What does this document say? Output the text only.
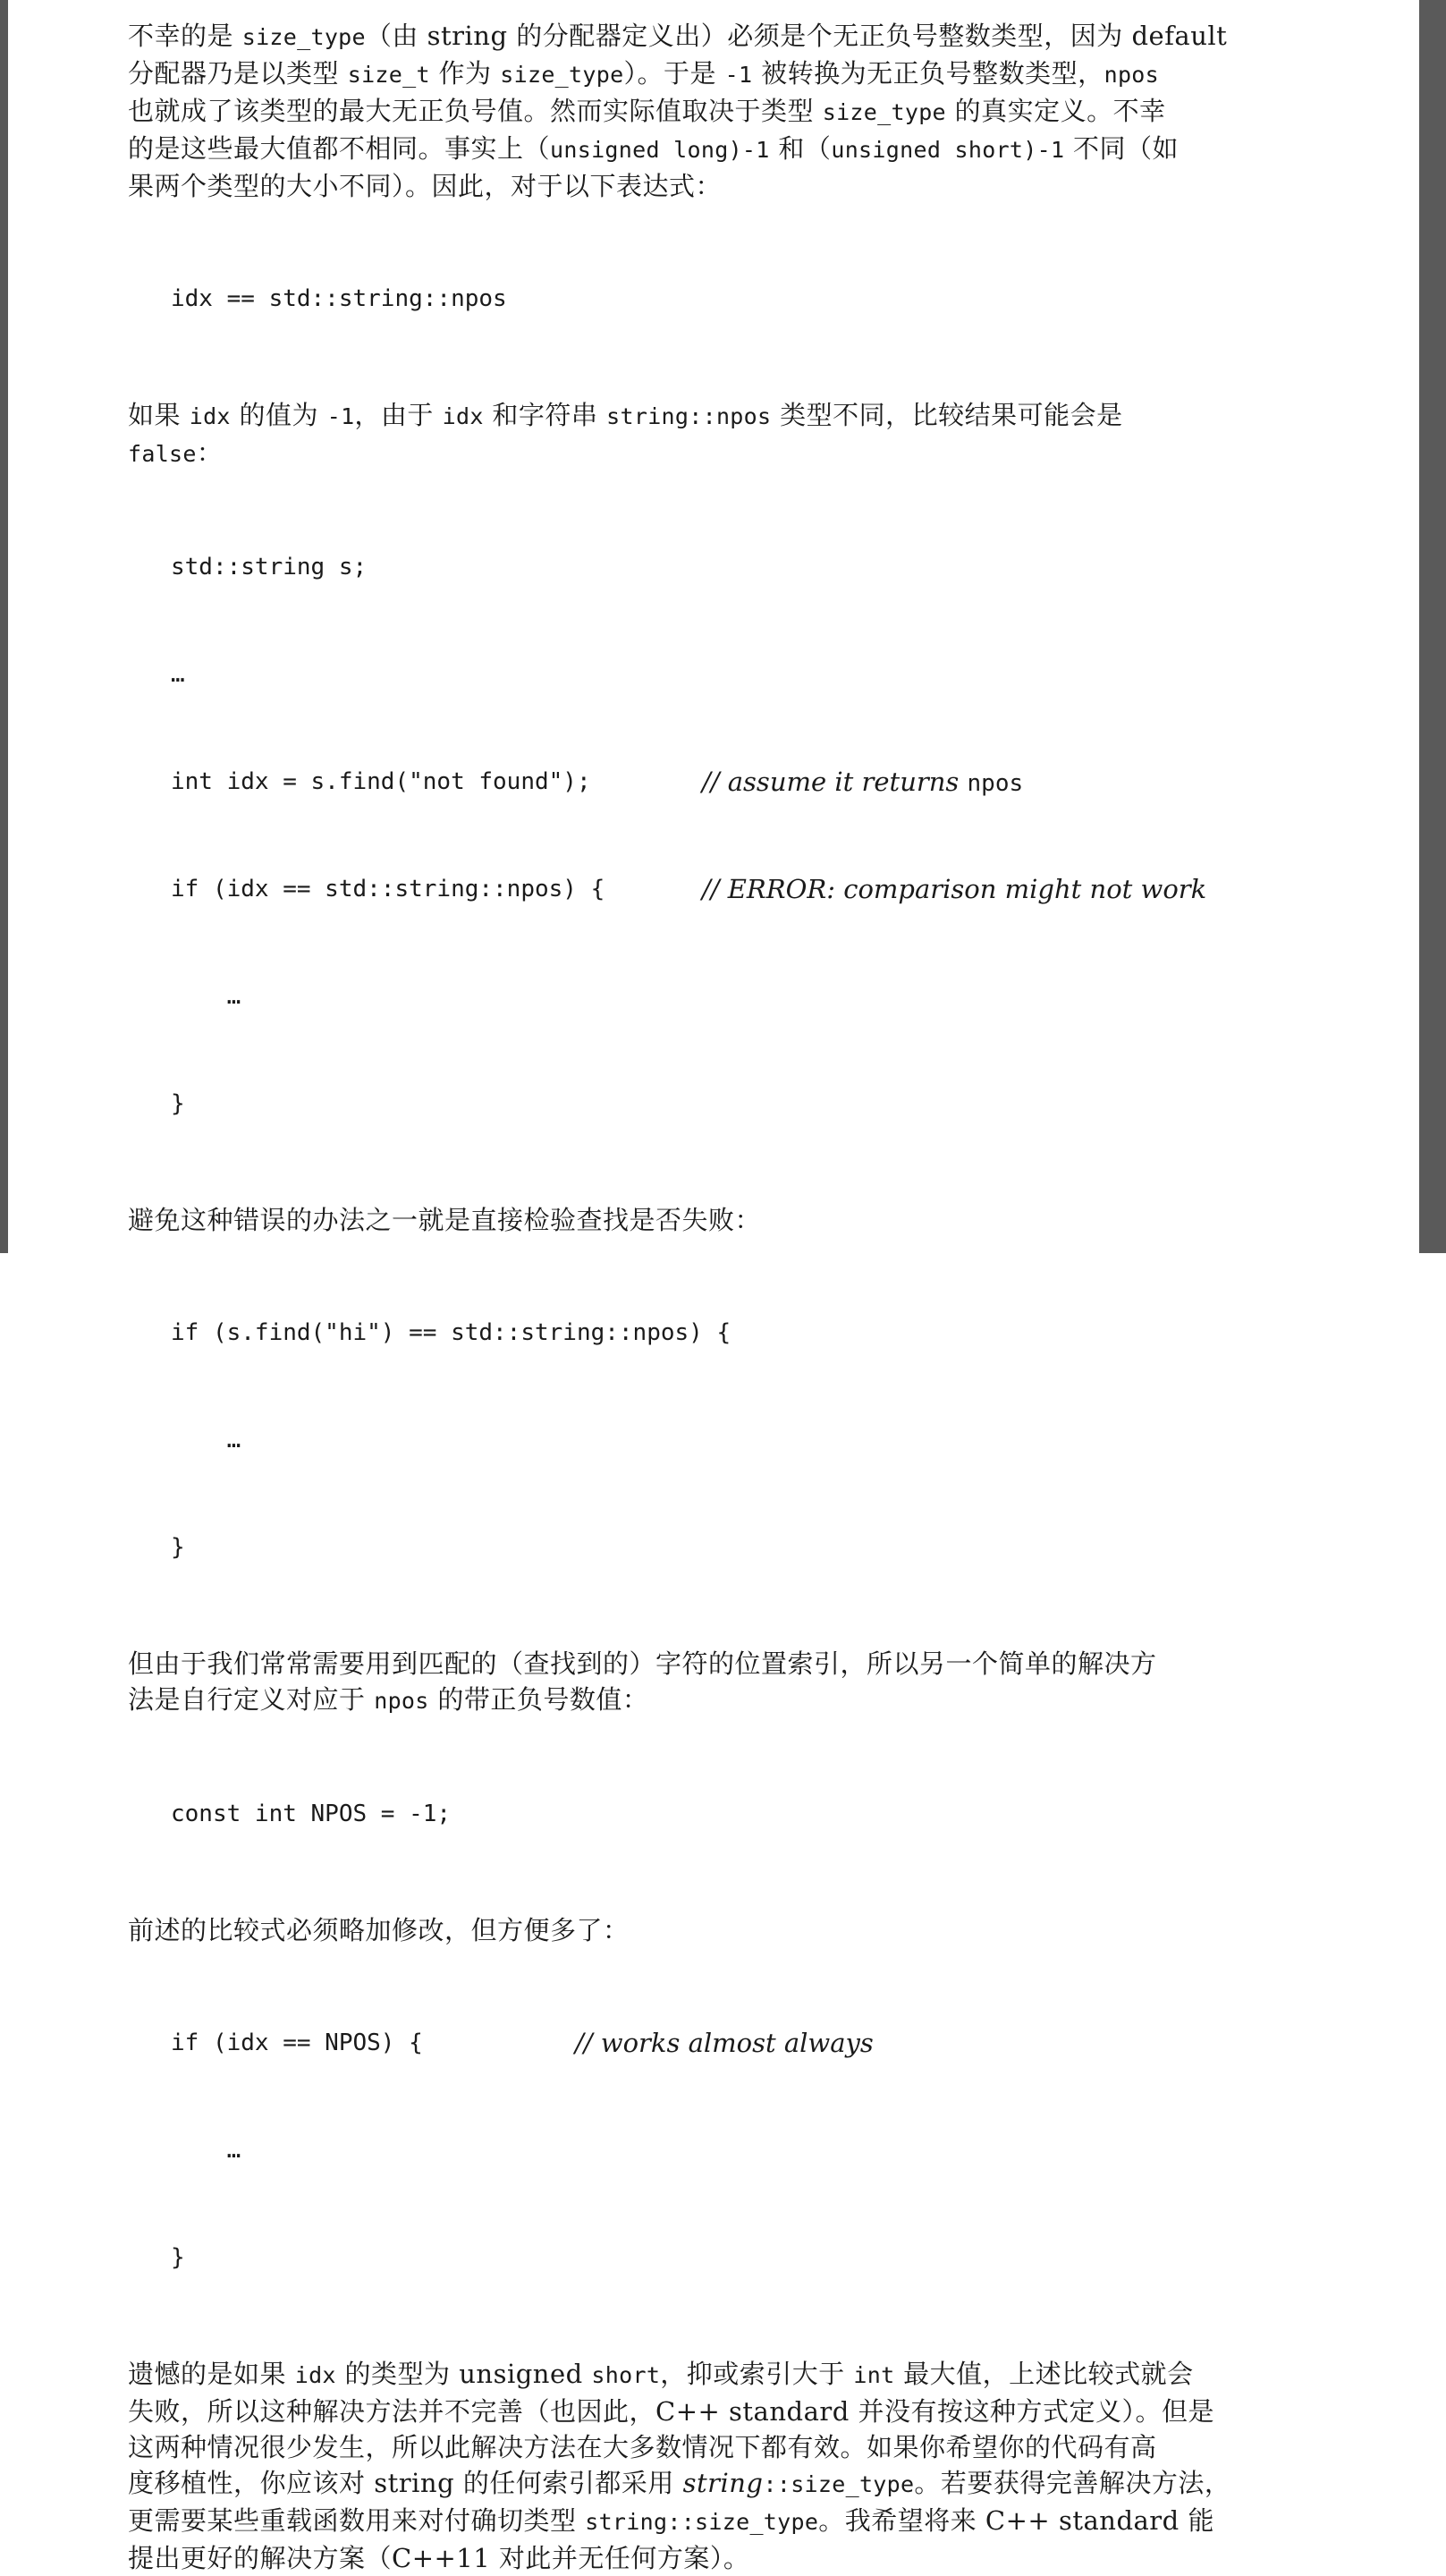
不幸的是 size_type（由 string 的分配器定义出）必须是个无正负号整数类型，因为 default
分配器乃是以类型 size_t 作为 size_type）。于是 -1 被转换为无正负号整数类型，npos
也就成了该类型的最大无正负号值。然而实际值取决于类型 size_type 的真实定义。不幸
的是这些最大值都不相同。事实上（unsigned long)-1 和（unsigned short)-1 不同（如
果两个类型的大小不同）。因此，对于以下表达式：

idx == std::string::npos

如果 idx 的值为 -1，由于 idx 和字符串 string::npos 类型不同，比较结果可能会是
false：

std::string s;

…

int idx = s.find("not found");	// assume it returns npos

if (idx == std::string::npos) {	// ERROR: comparison might not work

…

}

避免这种错误的办法之一就是直接检验查找是否失败：

if (s.find("hi") == std::string::npos) {

…

}

但由于我们常常需要用到匹配的（查找到的）字符的位置索引，所以另一个简单的解决方
法是自行定义对应于 npos 的带正负号数值：

const int NPOS = -1;

前述的比较式必须略加修改，但方便多了：

if (idx == NPOS) {	// works almost always

…

}

遗憾的是如果 idx 的类型为 unsigned short，抑或索引大于 int 最大值，上述比较式就会
失败，所以这种解决方法并不完善（也因此，C++ standard 并没有按这种方式定义）。但是
这两种情况很少发生，所以此解决方法在大多数情况下都有效。如果你希望你的代码有高
度移植性，你应该对 string 的任何索引都采用 string::size_type。若要获得完善解决方法，
更需要某些重载函数用来对付确切类型 string::size_type。我希望将来 C++ standard 能
提出更好的解决方案（C++11 对此并无任何方案）。
